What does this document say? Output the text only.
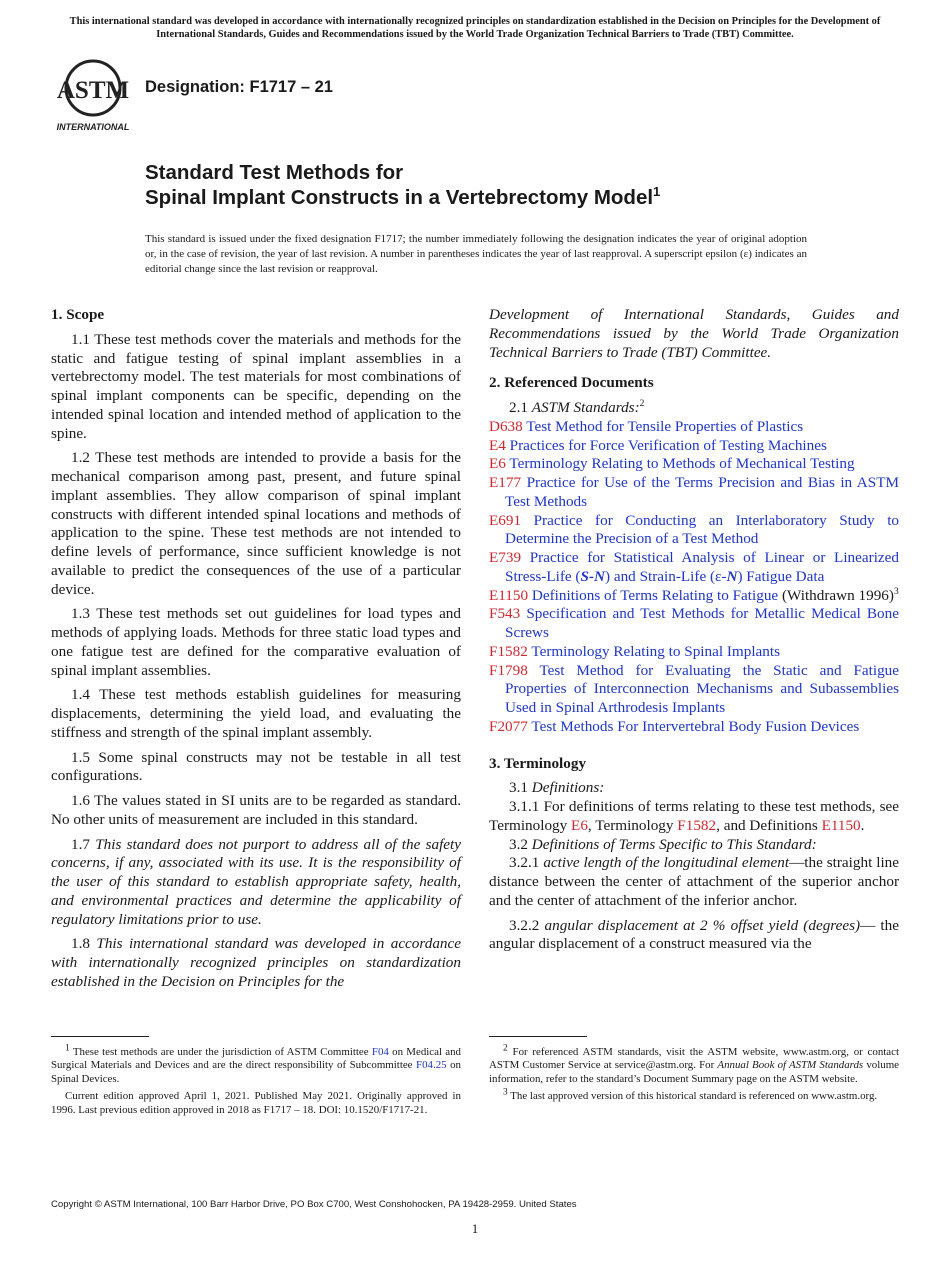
This international standard was developed in accordance with internationally recognized principles on standardization established in the Decision on Principles for the Development of International Standards, Guides and Recommendations issued by the World Trade Organization Technical Barriers to Trade (TBT) Committee.
ASTM
INTERNATIONAL
Designation: F1717 – 21
Standard Test Methods for
Spinal Implant Constructs in a Vertebrectomy Model$^1$
This standard is issued under the fixed designation F1717; the number immediately following the designation indicates the year of original adoption or, in the case of revision, the year of last revision. A number in parentheses indicates the year of last reapproval. A superscript epsilon (ε) indicates an editorial change since the last revision or reapproval.
1. Scope

1.1 These test methods cover the materials and methods for the static and fatigue testing of spinal implant assemblies in a vertebrectomy model. The test materials for most combinations of spinal implant components can be specific, depending on the intended spinal location and intended method of application to the spine.

1.2 These test methods are intended to provide a basis for the mechanical comparison among past, present, and future spinal implant assemblies. They allow comparison of spinal implant constructs with different intended spinal locations and methods of application to the spine. These test methods are not intended to define levels of performance, since sufficient knowledge is not available to predict the consequences of the use of a particular device.

1.3 These test methods set out guidelines for load types and methods of applying loads. Methods for three static load types and one fatigue test are defined for the comparative evaluation of spinal implant assemblies.

1.4 These test methods establish guidelines for measuring displacements, determining the yield load, and evaluating the stiffness and strength of the spinal implant assembly.

1.5 Some spinal constructs may not be testable in all test configurations.

1.6 The values stated in SI units are to be regarded as standard. No other units of measurement are included in this standard.

1.7 This standard does not purport to address all of the safety concerns, if any, associated with its use. It is the responsibility of the user of this standard to establish appropriate safety, health, and environmental practices and determine the applicability of regulatory limitations prior to use.

1.8 This international standard was developed in accordance with internationally recognized principles on standardization established in the Decision on Principles for the

Development of International Standards, Guides and Recommendations issued by the World Trade Organization Technical Barriers to Trade (TBT) Committee.

2. Referenced Documents
2.1 ASTM Standards:$^2$
D638 Test Method for Tensile Properties of Plastics
E4 Practices for Force Verification of Testing Machines
E6 Terminology Relating to Methods of Mechanical Testing
E177 Practice for Use of the Terms Precision and Bias in ASTM Test Methods
E691 Practice for Conducting an Interlaboratory Study to Determine the Precision of a Test Method
E739 Practice for Statistical Analysis of Linear or Linearized Stress-Life (S-N) and Strain-Life (ε-N) Fatigue Data
E1150 Definitions of Terms Relating to Fatigue (Withdrawn 1996)$^3$
F543 Specification and Test Methods for Metallic Medical Bone Screws
F1582 Terminology Relating to Spinal Implants
F1798 Test Method for Evaluating the Static and Fatigue Properties of Interconnection Mechanisms and Subassemblies Used in Spinal Arthrodesis Implants
F2077 Test Methods For Intervertebral Body Fusion Devices
3. Terminology
3.1 Definitions:

3.1.1 For definitions of terms relating to these test methods, see Terminology E6, Terminology F1582, and Definitions E1150.

3.2 Definitions of Terms Specific to This Standard:

3.2.1 active length of the longitudinal element—the straight line distance between the center of attachment of the superior anchor and the center of attachment of the inferior anchor.

3.2.2 angular displacement at 2 % offset yield (degrees)— the angular displacement of a construct measured via the

$^1$ These test methods are under the jurisdiction of ASTM Committee F04 on Medical and Surgical Materials and Devices and are the direct responsibility of Subcommittee F04.25 on Spinal Devices.

Current edition approved April 1, 2021. Published May 2021. Originally approved in 1996. Last previous edition approved in 2018 as F1717 – 18. DOI: 10.1520/F1717-21.

$^2$ For referenced ASTM standards, visit the ASTM website, www.astm.org, or contact ASTM Customer Service at service@astm.org. For Annual Book of ASTM Standards volume information, refer to the standard’s Document Summary page on the ASTM website.

$^3$ The last approved version of this historical standard is referenced on www.astm.org.

Copyright © ASTM International, 100 Barr Harbor Drive, PO Box C700, West Conshohocken, PA 19428-2959. United States
1
